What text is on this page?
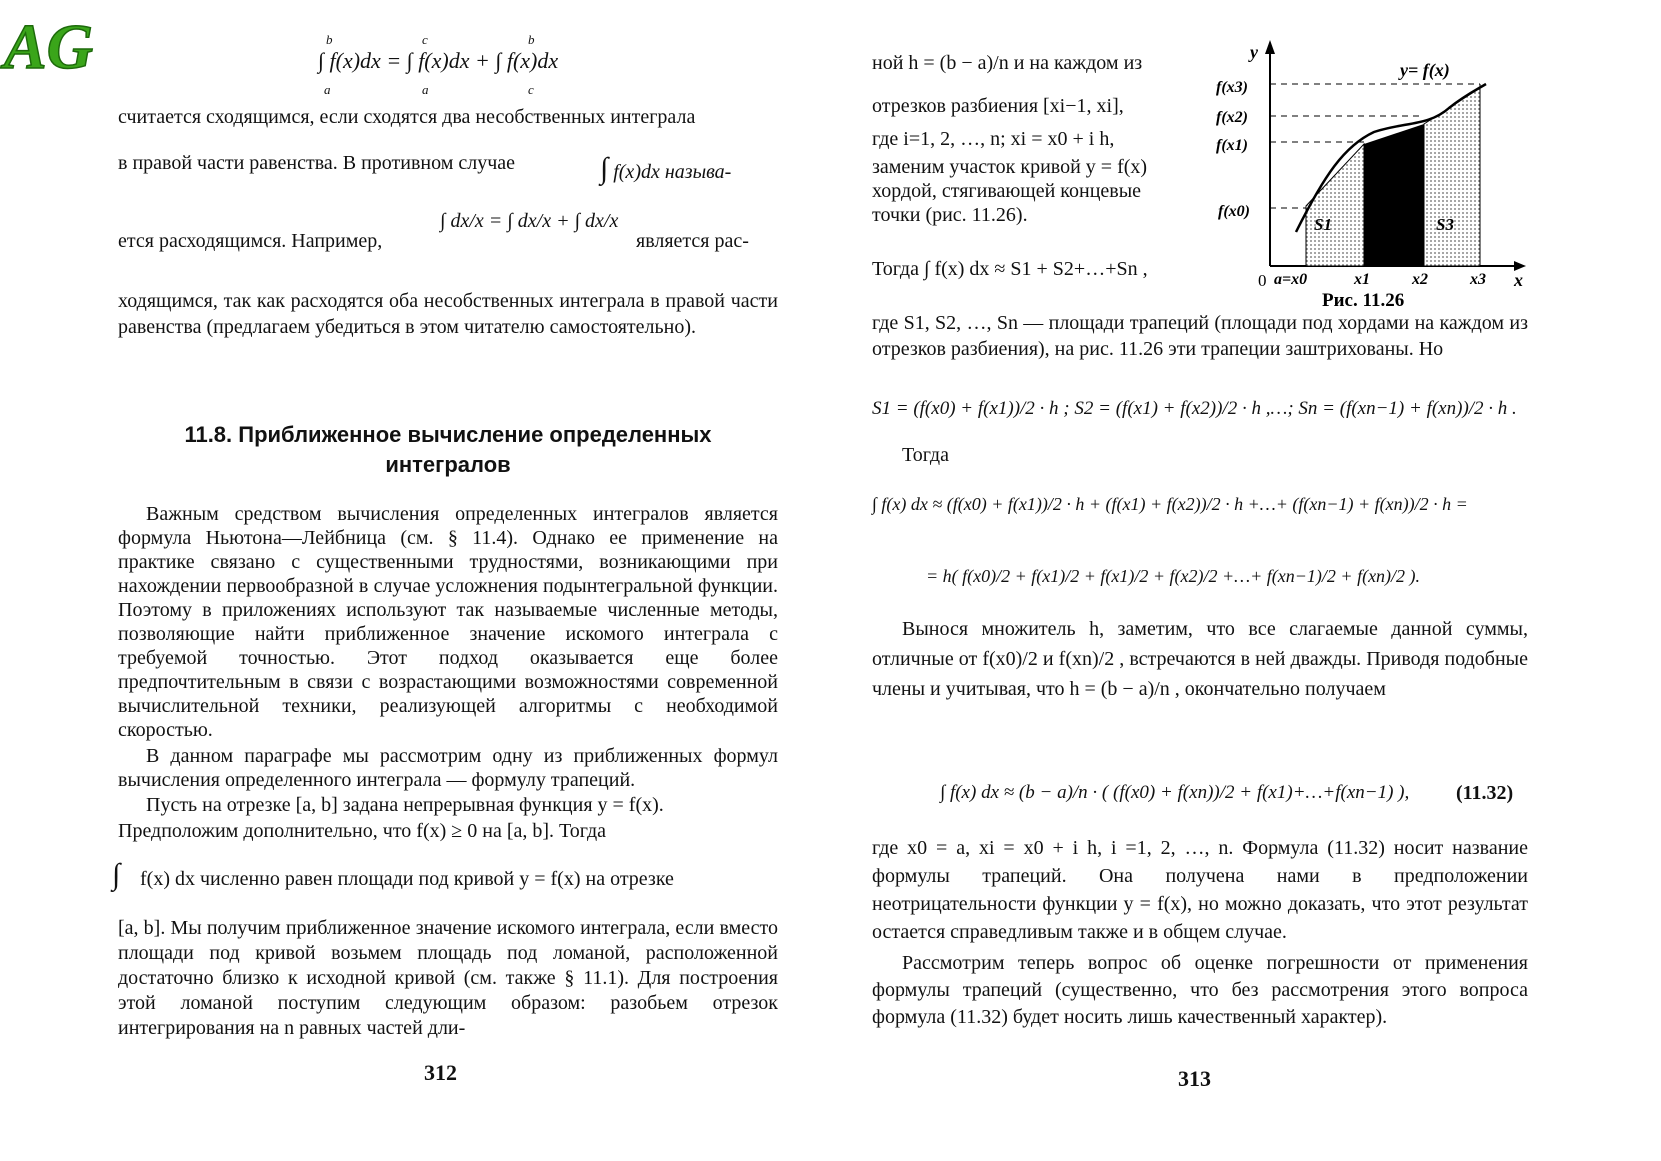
AG	b	c	b
∫ f(x)dx = ∫ f(x)dx + ∫ f(x)dx
a	a	c
считается сходящимся, если сходятся два несобственных интеграла
в правой части равенства. В противном случае	∫ f(x)dx называ-
ется расходящимся. Например,
∫ dx/x = ∫ dx/x + ∫ dx/x
является рас-
ходящимся, так как расходятся оба несобственных интеграла в правой части равенства (предлагаем убедиться в этом читателю самостоятельно).
11.8. Приближенное вычисление определенных
интегралов
Важным средством вычисления определенных интегралов является формула Ньютона—Лейбница (см. § 11.4). Однако ее применение на практике связано с существенными трудностями, возникающими при нахождении первообразной в случае усложнения подынтегральной функции. Поэтому в приложениях используют так называемые численные методы, позволяющие найти приближенное значение искомого интеграла с требуемой точностью. Этот подход оказывается еще более предпочтительным в связи с возрастающими возможностями современной вычислительной техники, реализующей алгоритмы с необходимой скоростью.
В данном параграфе мы рассмотрим одну из приближенных формул вычисления определенного интеграла — формулу трапеций.
Пусть на отрезке [a, b] задана непрерывная функция y = f(x).
Предположим дополнительно, что f(x) ≥ 0 на [a, b]. Тогда
∫ f(x) dx численно равен площади под кривой y = f(x) на отрезке
[a, b]. Мы получим приближенное значение искомого интеграла, если вместо площади под кривой возьмем площадь под ломаной, расположенной достаточно близко к исходной кривой (см. также § 11.1). Для построения этой ломаной поступим следующим образом: разобьем отрезок интегрирования на n равных частей дли-
312
ной h = (b − a)/n и на каждом из
отрезков разбиения [xi−1, xi],
где i=1, 2, …, n; xi = x0 + i h,
заменим участок кривой y = f(x)
хордой, стягивающей концевые
точки (рис. 11.26).
Тогда ∫ f(x) dx ≈ S1 + S2+…+Sn ,
y
x
0
y= f(x)
f(x3)
f(x2)
f(x1)
f(x0)
a=x0	x1	x2	x3
S1	S3
Рис. 11.26
где S1, S2, …, Sn — площади трапеций (площади под хордами на каждом из отрезков разбиения), на рис. 11.26 эти трапеции заштрихованы. Но
S1 = (f(x0) + f(x1))/2 · h ; S2 = (f(x1) + f(x2))/2 · h ,…; Sn = (f(xn−1) + f(xn))/2 · h .
Тогда
∫ f(x) dx ≈ (f(x0) + f(x1))/2 · h + (f(x1) + f(x2))/2 · h +…+ (f(xn−1) + f(xn))/2 · h =
= h( f(x0)/2 + f(x1)/2 + f(x1)/2 + f(x2)/2 +…+ f(xn−1)/2 + f(xn)/2 ).
Вынося множитель h, заметим, что все слагаемые данной суммы, отличные от f(x0)/2 и f(xn)/2 , встречаются в ней дважды. Приводя подобные члены и учитывая, что h = (b − a)/n , окончательно получаем
∫ f(x) dx ≈ (b − a)/n · ( (f(x0) + f(xn))/2 + f(x1)+…+f(xn−1) ), (11.32)
где x0 = a, xi = x0 + i h, i =1, 2, …, n. Формула (11.32) носит название формулы трапеций. Она получена нами в предположении неотрицательности функции y = f(x), но можно доказать, что этот результат остается справедливым также и в общем случае.
Рассмотрим теперь вопрос об оценке погрешности от применения формулы трапеций (существенно, что без рассмотрения этого вопроса формула (11.32) будет носить лишь качественный характер).
313
